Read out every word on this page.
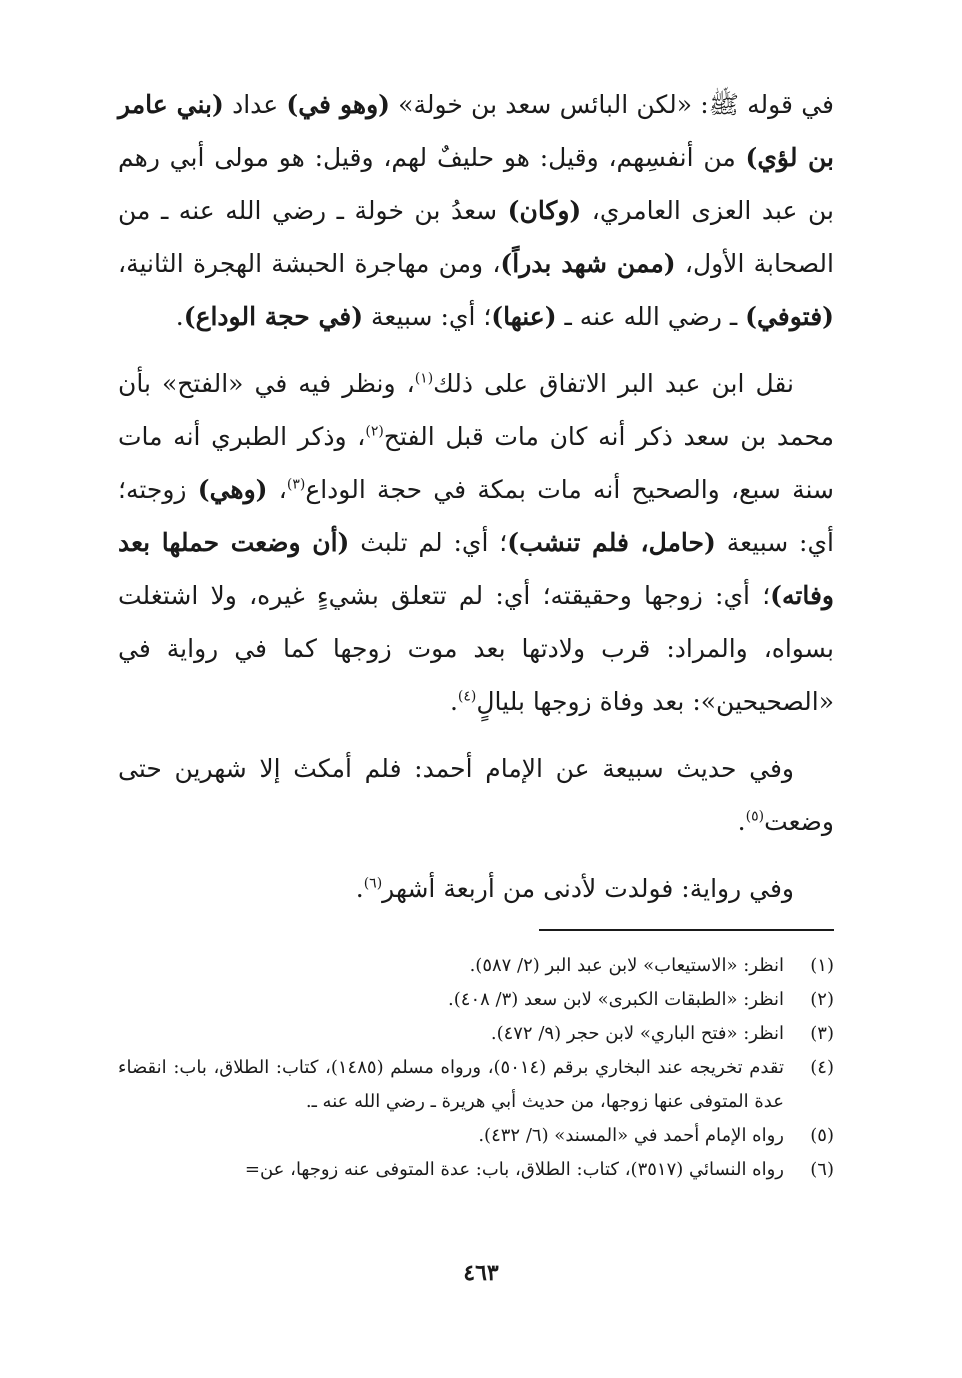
في قوله ﷺ: «لكن البائس سعد بن خولة» (وهو في) عداد (بني عامر بن لؤي) من أنفسِهم، وقيل: هو حليفٌ لهم، وقيل: هو مولى أبي رهم بن عبد العزى العامري، (وكان) سعدُ بن خولة ـ رضي الله عنه ـ من الصحابة الأول، (ممن شهد بدراً)، ومن مهاجرة الحبشة الهجرة الثانية، (فتوفي) ـ رضي الله عنه ـ (عنها)؛ أي: سبيعة (في حجة الوداع).

نقل ابن عبد البر الاتفاق على ذلك$^{(١)}$، ونظر فيه في «الفتح» بأن محمد بن سعد ذكر أنه كان مات قبل الفتح$^{(٢)}$، وذكر الطبري أنه مات سنة سبع، والصحيح أنه مات بمكة في حجة الوداع$^{(٣)}$، (وهي) زوجته؛ أي: سبيعة (حامل، فلم تنشب)؛ أي: لم تلبث (أن وضعت حملها بعد وفاته)؛ أي: زوجها وحقيقته؛ أي: لم تتعلق بشيءٍ غيره، ولا اشتغلت بسواه، والمراد: قرب ولادتها بعد موت زوجها كما في رواية في «الصحيحين»: بعد وفاة زوجها بليالٍ$^{(٤)}$.

وفي حديث سبيعة عن الإمام أحمد: فلم أمكث إلا شهرين حتى وضعت$^{(٥)}$.

وفي رواية: فولدت لأدنى من أربعة أشهر$^{(٦)}$.

(١)
انظر: «الاستيعاب» لابن عبد البر (٢/ ٥٨٧).
(٢)
انظر: «الطبقات الكبرى» لابن سعد (٣/ ٤٠٨).
(٣)
انظر: «فتح الباري» لابن حجر (٩/ ٤٧٢).
(٤)
تقدم تخريجه عند البخاري برقم (٥٠١٤)، ورواه مسلم (١٤٨٥)، كتاب: الطلاق، باب: انقضاء عدة المتوفى عنها زوجها، من حديث أبي هريرة ـ رضي الله عنه ـ.
(٥)
رواه الإمام أحمد في «المسند» (٦/ ٤٣٢).
(٦)
رواه النسائي (٣٥١٧)، كتاب: الطلاق، باب: عدة المتوفى عنه زوجها، عن=
٤٦٣
